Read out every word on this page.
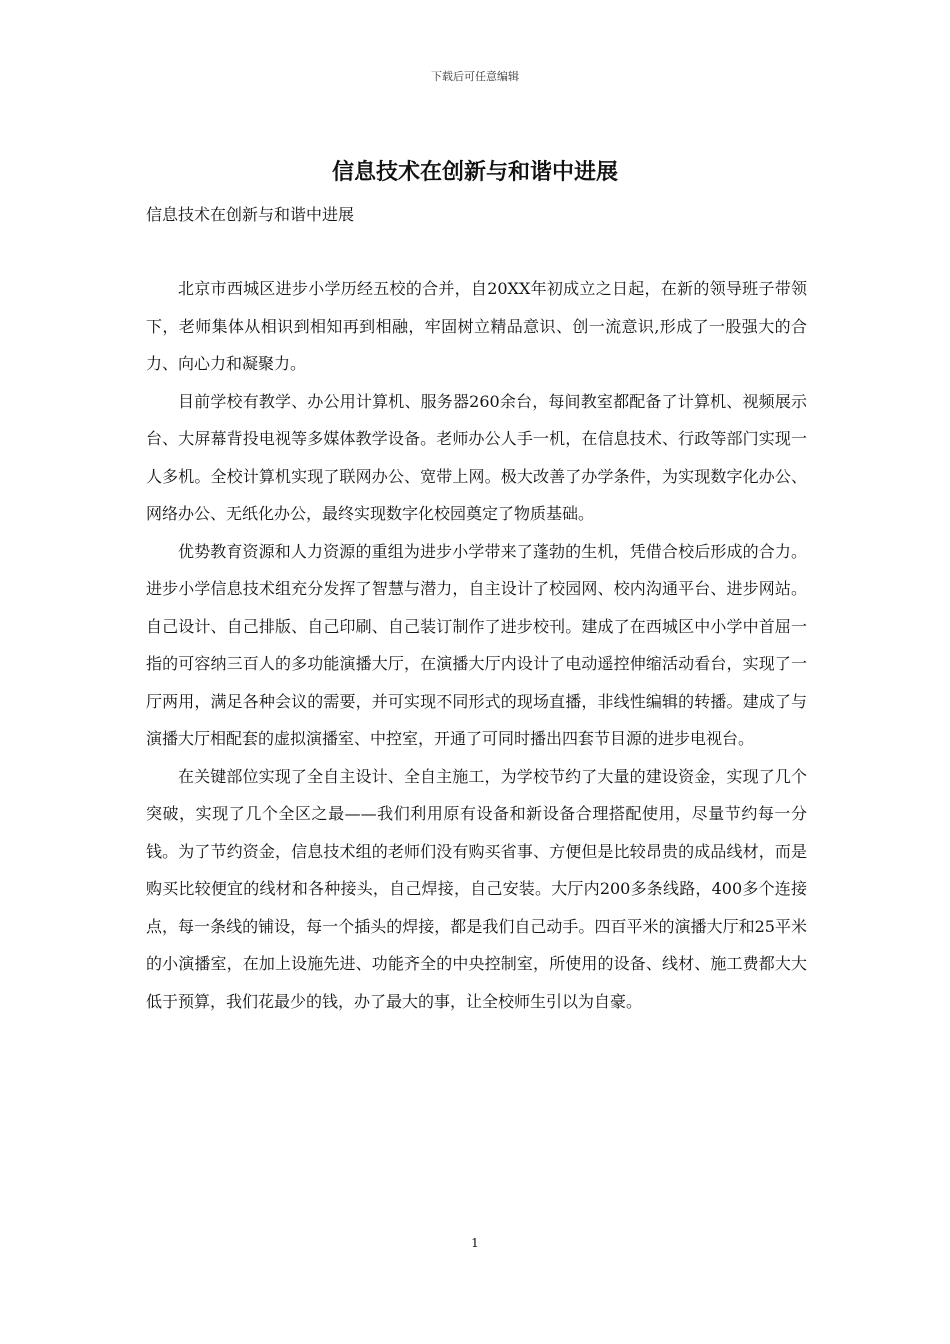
下载后可任意编辑
信息技术在创新与和谐中进展
信息技术在创新与和谐中进展

北京市西城区进步小学历经五校的合并，自20XX年初成立之日起，在新的领导班子带领下，老师集体从相识到相知再到相融，牢固树立精品意识、创一流意识,形成了一股强大的合力、向心力和凝聚力。

目前学校有教学、办公用计算机、服务器260余台，每间教室都配备了计算机、视频展示台、大屏幕背投电视等多媒体教学设备。老师办公人手一机，在信息技术、行政等部门实现一人多机。全校计算机实现了联网办公、宽带上网。极大改善了办学条件，为实现数字化办公、网络办公、无纸化办公，最终实现数字化校园奠定了物质基础。

优势教育资源和人力资源的重组为进步小学带来了蓬勃的生机，凭借合校后形成的合力。进步小学信息技术组充分发挥了智慧与潜力，自主设计了校园网、校内沟通平台、进步网站。自己设计、自己排版、自己印刷、自己装订制作了进步校刊。建成了在西城区中小学中首屈一指的可容纳三百人的多功能演播大厅，在演播大厅内设计了电动遥控伸缩活动看台，实现了一厅两用，满足各种会议的需要，并可实现不同形式的现场直播，非线性编辑的转播。建成了与演播大厅相配套的虚拟演播室、中控室，开通了可同时播出四套节目源的进步电视台。

在关键部位实现了全自主设计、全自主施工，为学校节约了大量的建设资金，实现了几个突破，实现了几个全区之最——我们利用原有设备和新设备合理搭配使用，尽量节约每一分钱。为了节约资金，信息技术组的老师们没有购买省事、方便但是比较昂贵的成品线材，而是购买比较便宜的线材和各种接头，自己焊接，自己安装。大厅内200多条线路，400多个连接点，每一条线的铺设，每一个插头的焊接，都是我们自己动手。四百平米的演播大厅和25平米的小演播室，在加上设施先进、功能齐全的中央控制室，所使用的设备、线材、施工费都大大低于预算，我们花最少的钱，办了最大的事，让全校师生引以为自豪。

1
